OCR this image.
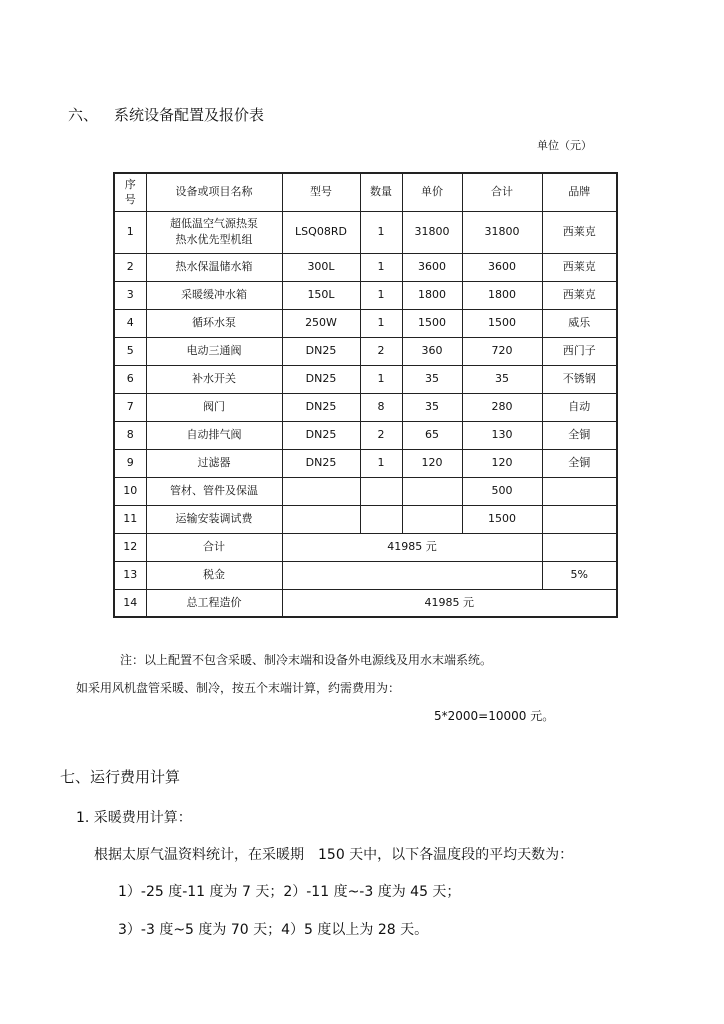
六、 系统设备配置及报价表
单位（元）
序号	设备或项目名称	型号	数量	单价	合计	品牌
1	超低温空气源热泵
热水优先型机组	LSQ08RD	1	31800	31800	西莱克
2	热水保温储水箱	300L	1	3600	3600	西莱克
3	采暖缓冲水箱	150L	1	1800	1800	西莱克
4	循环水泵	250W	1	1500	1500	威乐
5	电动三通阀	DN25	2	360	720	西门子
6	补水开关	DN25	1	35	35	不锈钢
7	阀门	DN25	8	35	280	自动
8	自动排气阀	DN25	2	65	130	全铜
9	过滤器	DN25	1	120	120	全铜
10	管材、管件及保温				500	
11	运输安装调试费				1500	
12	合计	41985 元				
13	税金					5%
14	总工程造价	41985 元				
注：以上配置不包含采暖、制冷末端和设备外电源线及用水末端系统。
如采用风机盘管采暖、制冷，按五个末端计算，约需费用为：
5*2000=10000 元。
七、运行费用计算
1. 采暖费用计算：
根据太原气温资料统计，在采暖期　150 天中，以下各温度段的平均天数为：
1）-25 度-11 度为 7 天；2）-11 度~-3 度为 45 天；
3）-3 度~5 度为 70 天；4）5 度以上为 28 天。
